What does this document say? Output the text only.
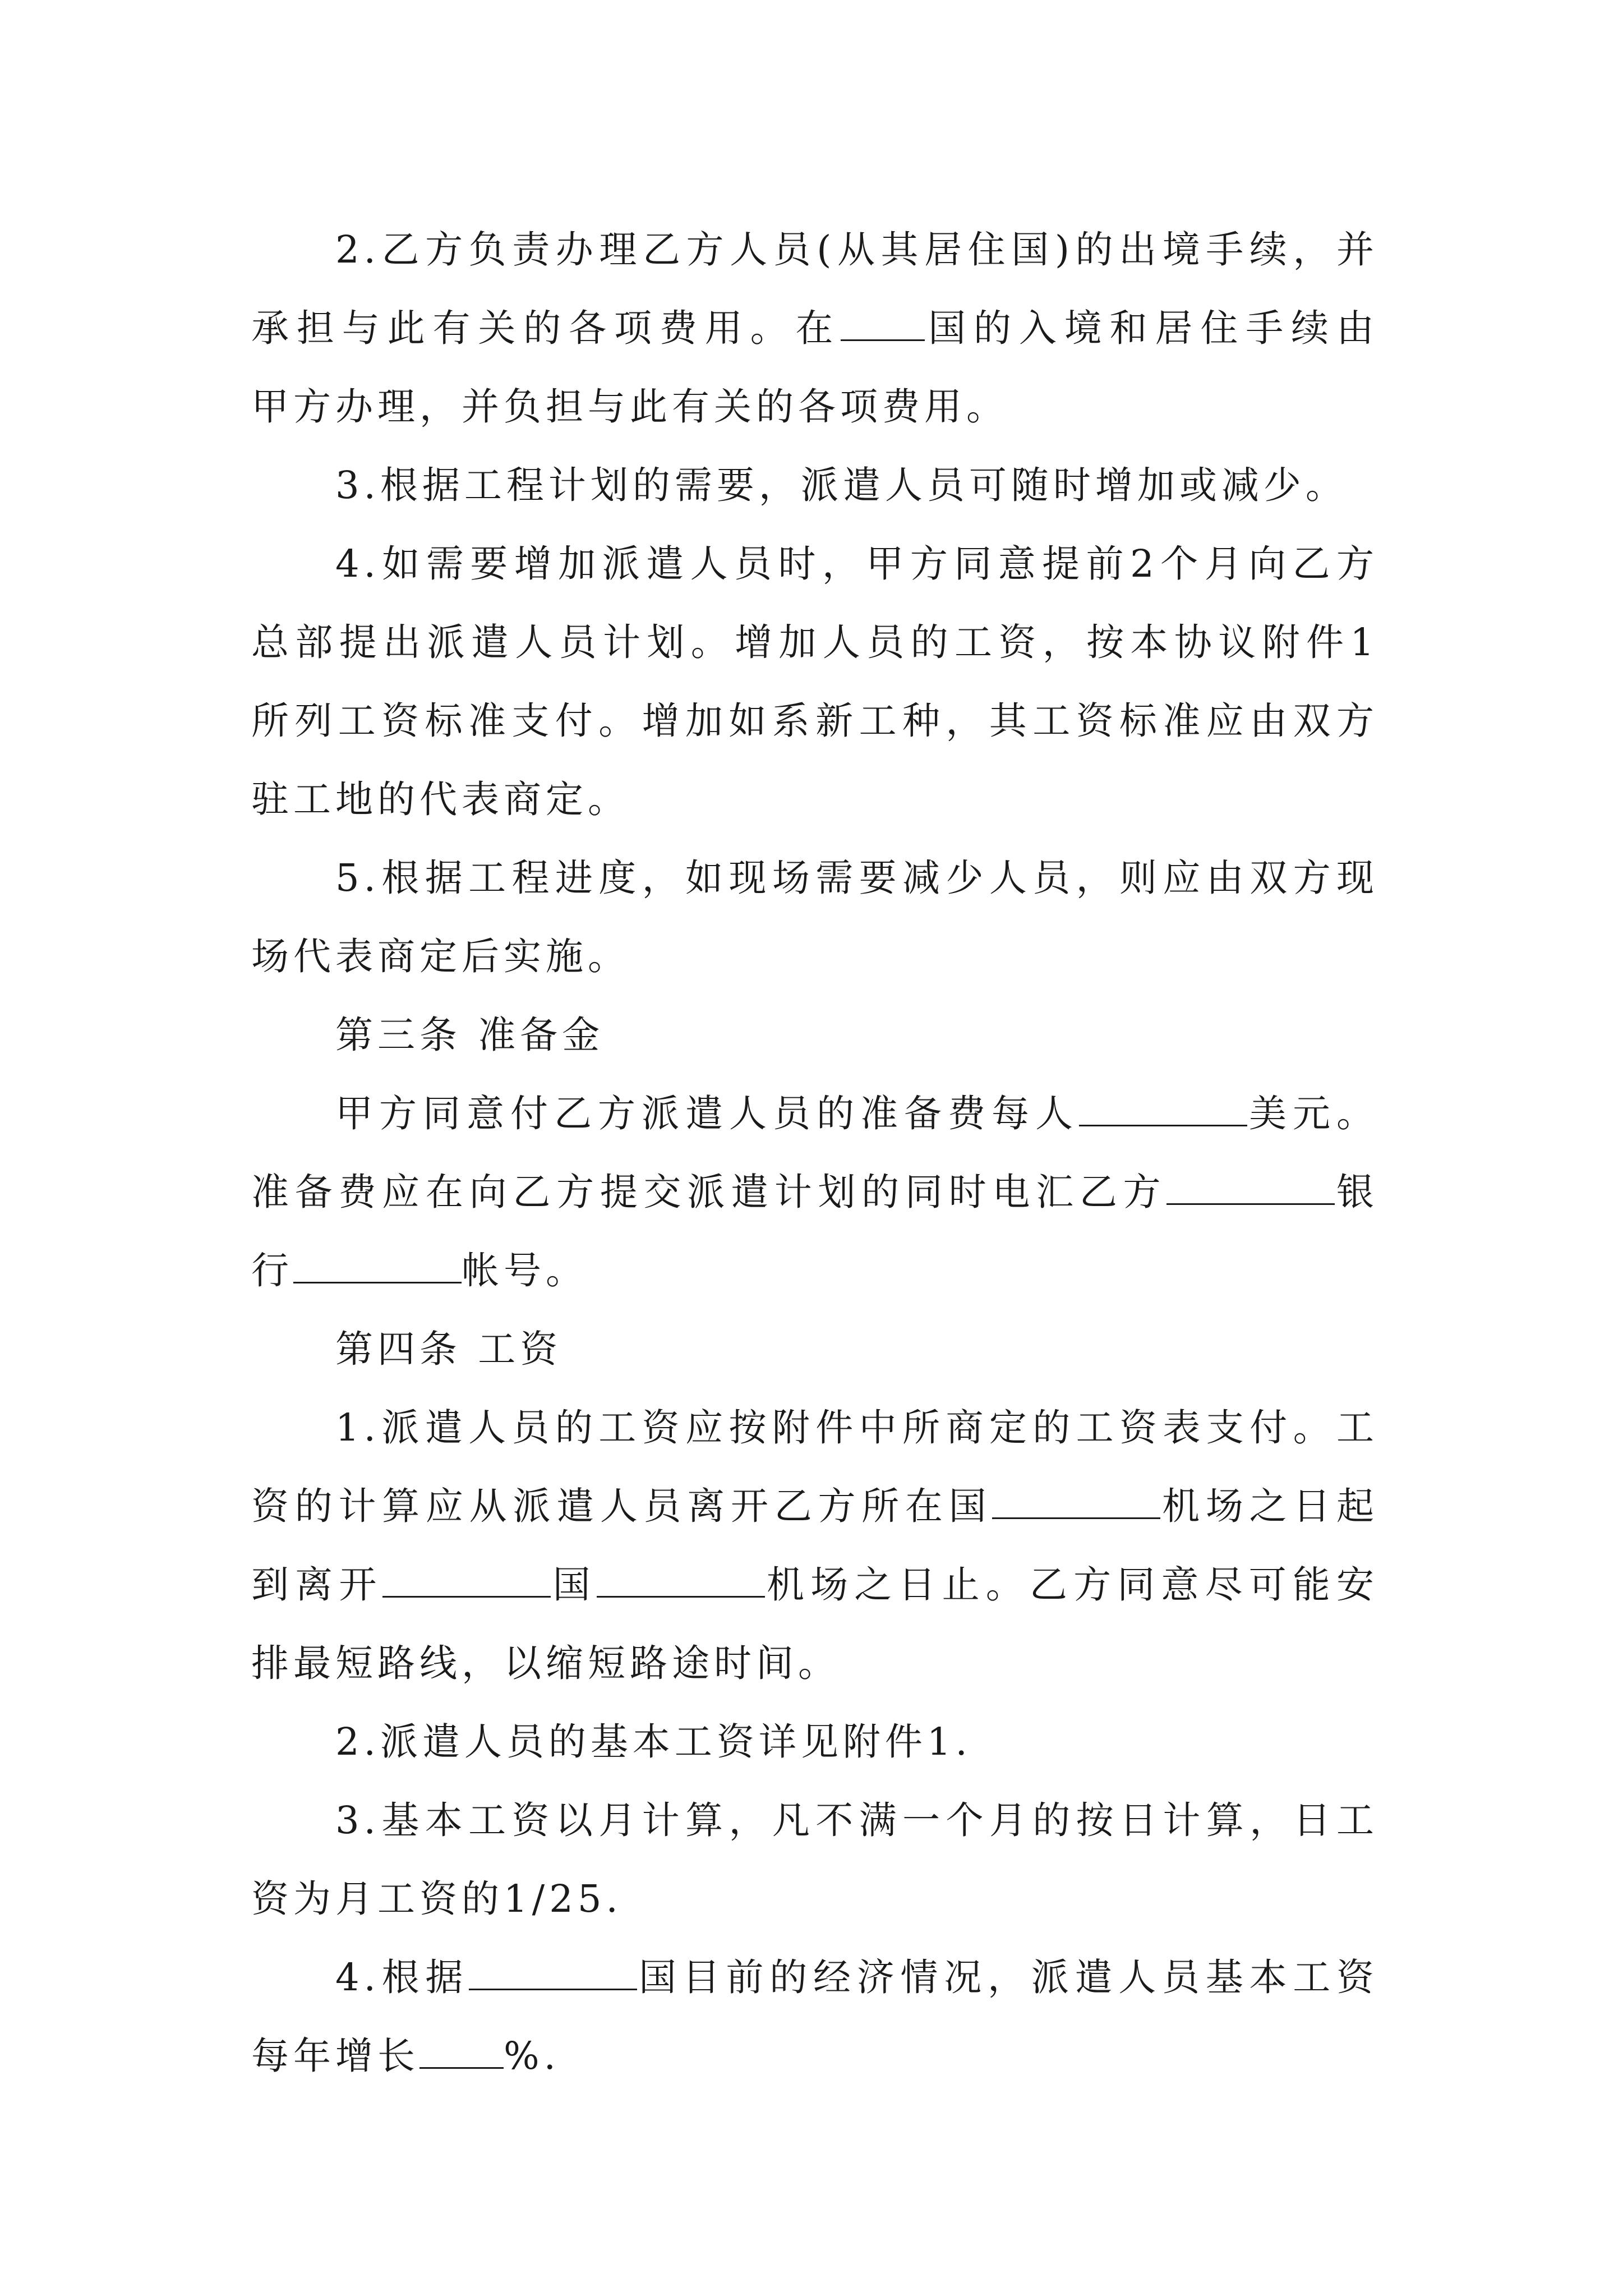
2.乙方负责办理乙方人员(从其居住国)的出境手续，并
承担与此有关的各项费用。在 国的入境和居住手续由
甲方办理，并负担与此有关的各项费用。
3.根据工程计划的需要，派遣人员可随时增加或减少。
4.如需要增加派遣人员时，甲方同意提前2个月向乙方
总部提出派遣人员计划。增加人员的工资，按本协议附件1
所列工资标准支付。增加如系新工种，其工资标准应由双方
驻工地的代表商定。
5.根据工程进度，如现场需要减少人员，则应由双方现
场代表商定后实施。
第三条 准备金
甲方同意付乙方派遣人员的准备费每人	美元。
准备费应在向乙方提交派遣计划的同时电汇乙方	银
行	帐号。
第四条 工资
1.派遣人员的工资应按附件中所商定的工资表支付。工
资的计算应从派遣人员离开乙方所在国	机场之日起
到离开	国	机场之日止。乙方同意尽可能安
排最短路线，以缩短路途时间。
2.派遣人员的基本工资详见附件1.
3.基本工资以月计算，凡不满一个月的按日计算，日工
资为月工资的1/25.
4.根据	国目前的经济情况，派遣人员基本工资
每年增长 %.
